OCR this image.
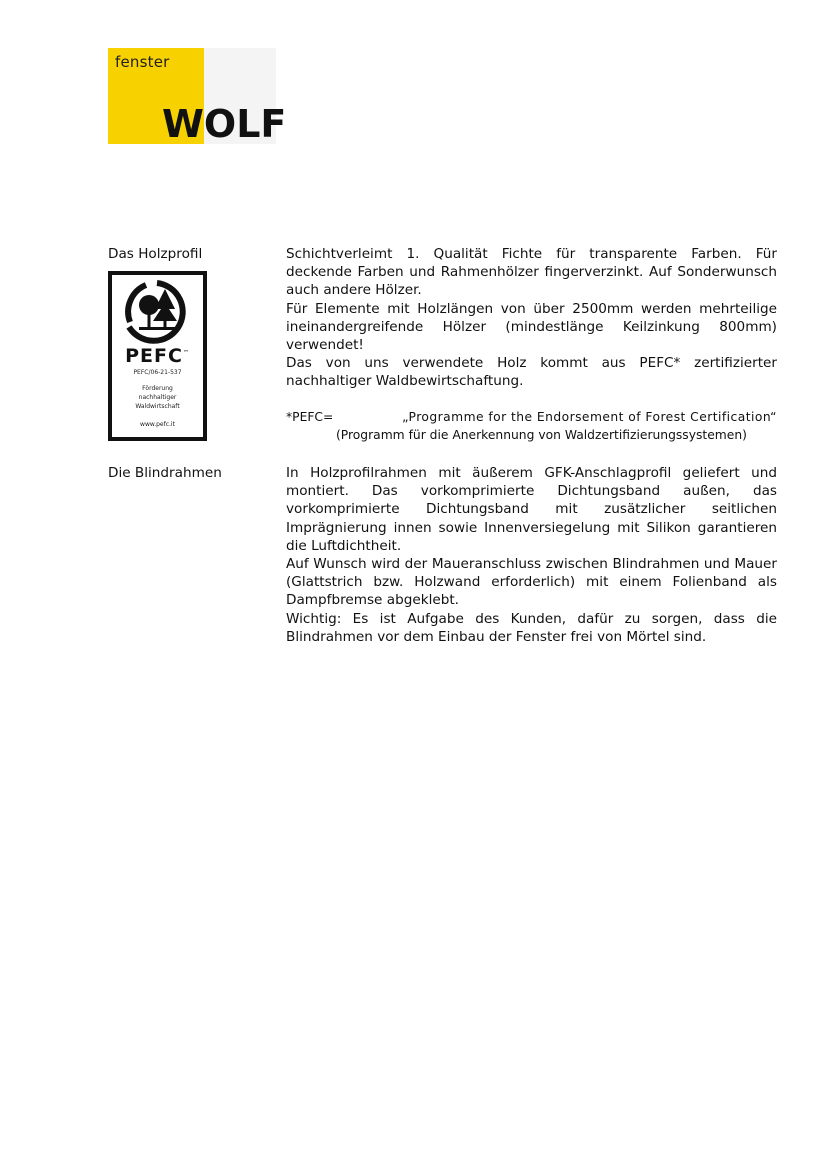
fenster
WOLF
Das Holzprofil	Schichtverleimt 1. Qualität Fichte für transparente Farben. Für deckende Farben und Rahmenhölzer fingerverzinkt. Auf Sonderwunsch auch andere Hölzer.

Für Elemente mit Holzlängen von über 2500mm werden mehrteilige ineinandergreifende Hölzer (mindestlänge Keilzinkung 800mm) verwendet!

Das von uns verwendete Holz kommt aus PEFC* zertifizierter nachhaltiger Waldbewirtschaftung.

PEFC™
PEFC/06-21-537
Förderung
nachhaltiger
Waldwirtschaft
www.pefc.it
*PEFC=	„Programme for the Endorsement of Forest Certification“
(Programm für die Anerkennung von Waldzertifizierungssystemen)
Die Blindrahmen	In Holzprofilrahmen mit äußerem GFK-Anschlagprofil geliefert und montiert. Das vorkomprimierte Dichtungsband außen, das vorkomprimierte Dichtungsband mit zusätzlicher seitlichen Imprägnierung innen sowie Innenversiegelung mit Silikon garantieren die Luftdichtheit.

Auf Wunsch wird der Maueranschluss zwischen Blindrahmen und Mauer (Glattstrich bzw. Holzwand erforderlich) mit einem Folienband als Dampfbremse abgeklebt.

Wichtig: Es ist Aufgabe des Kunden, dafür zu sorgen, dass die Blindrahmen vor dem Einbau der Fenster frei von Mörtel sind.
